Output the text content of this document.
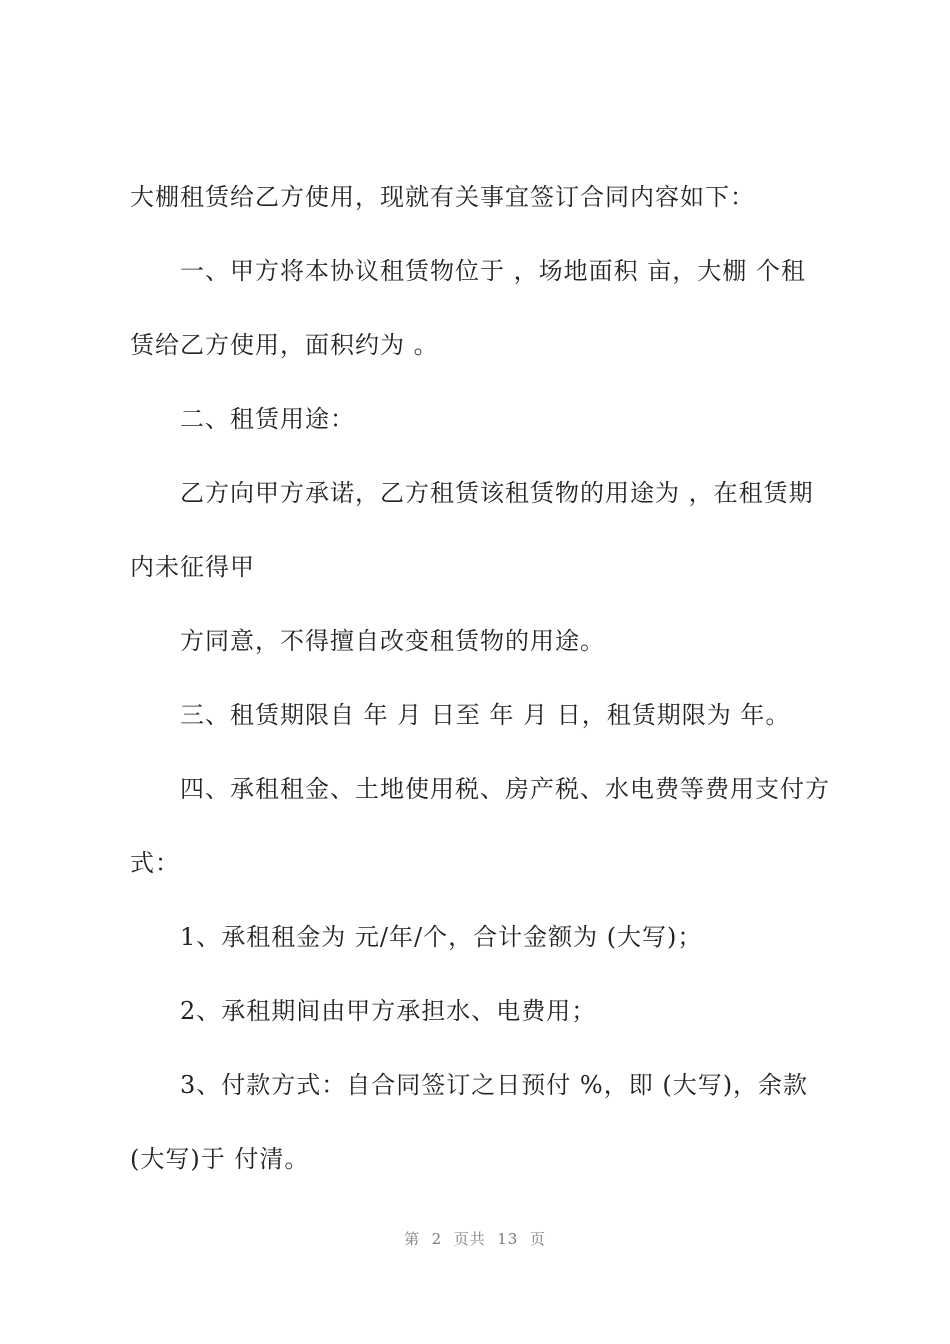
大棚租赁给乙方使用，现就有关事宜签订合同内容如下：
一、甲方将本协议租赁物位于 ，场地面积 亩，大棚 个租
赁给乙方使用，面积约为 。
二、租赁用途：
乙方向甲方承诺，乙方租赁该租赁物的用途为 ，在租赁期
内未征得甲
方同意，不得擅自改变租赁物的用途。
三、租赁期限自 年 月 日至 年 月 日，租赁期限为 年。
四、承租租金、土地使用税、房产税、水电费等费用支付方
式：
1、承租租金为 元/年/个，合计金额为 (大写)；
2、承租期间由甲方承担水、电费用；
3、付款方式：自合同签订之日预付 %，即 (大写)，余款
(大写)于 付清。
第  2  页共  13  页
